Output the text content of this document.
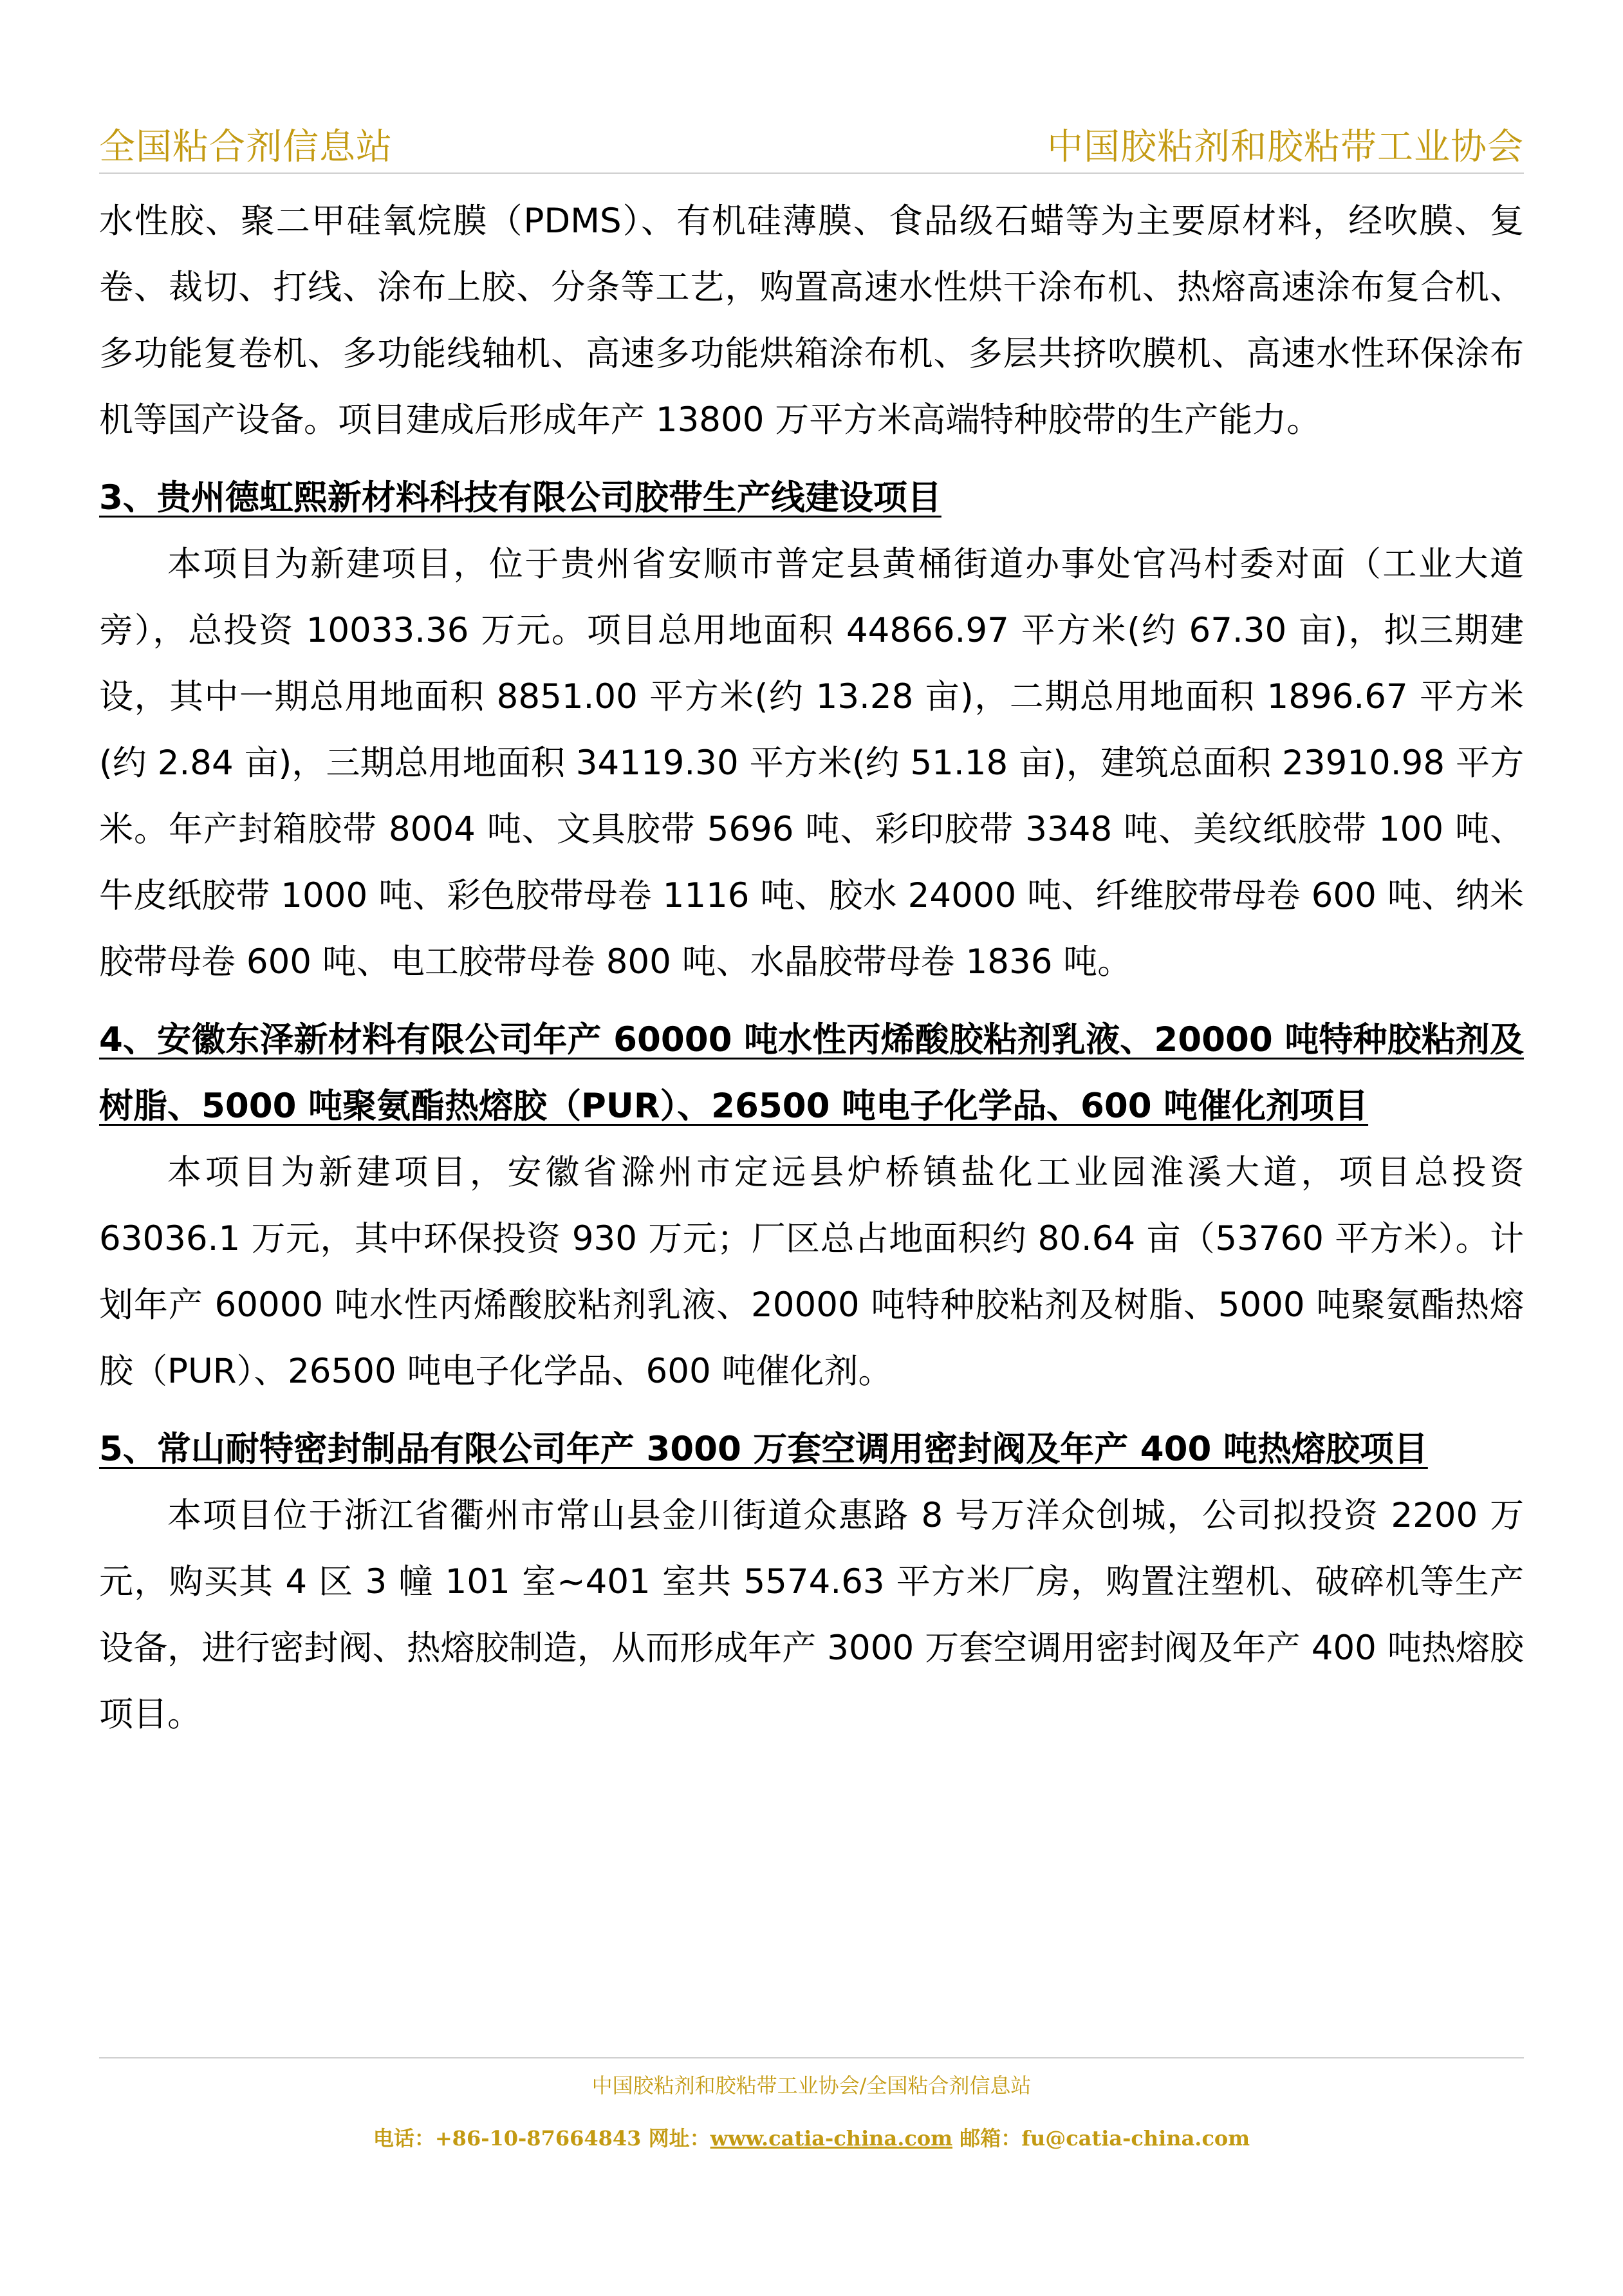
全国粘合剂信息站	中国胶粘剂和胶粘带工业协会

水性胶、聚二甲硅氧烷膜（PDMS）、有机硅薄膜、食品级石蜡等为主要原材料，经吹膜、复卷、裁切、打线、涂布上胶、分条等工艺，购置高速水性烘干涂布机、热熔高速涂布复合机、多功能复卷机、多功能线轴机、高速多功能烘箱涂布机、多层共挤吹膜机、高速水性环保涂布机等国产设备。项目建成后形成年产 13800 万平方米高端特种胶带的生产能力。

3、贵州德虹熙新材料科技有限公司胶带生产线建设项目

本项目为新建项目，位于贵州省安顺市普定县黄桶街道办事处官冯村委对面（工业大道旁），总投资 10033.36 万元。项目总用地面积 44866.97 平方米(约 67.30 亩)，拟三期建设，其中一期总用地面积 8851.00 平方米(约 13.28 亩)，二期总用地面积 1896.67 平方米(约 2.84 亩)，三期总用地面积 34119.30 平方米(约 51.18 亩)，建筑总面积 23910.98 平方米。年产封箱胶带 8004 吨、文具胶带 5696 吨、彩印胶带 3348 吨、美纹纸胶带 100 吨、牛皮纸胶带 1000 吨、彩色胶带母卷 1116 吨、胶水 24000 吨、纤维胶带母卷 600 吨、纳米胶带母卷 600 吨、电工胶带母卷 800 吨、水晶胶带母卷 1836 吨。

4、安徽东泽新材料有限公司年产 60000 吨水性丙烯酸胶粘剂乳液、20000 吨特种胶粘剂及树脂、5000 吨聚氨酯热熔胶（PUR）、26500 吨电子化学品、600 吨催化剂项目

本项目为新建项目，安徽省滁州市定远县炉桥镇盐化工业园淮溪大道，项目总投资 63036.1 万元，其中环保投资 930 万元；厂区总占地面积约 80.64 亩（53760 平方米）。计划年产 60000 吨水性丙烯酸胶粘剂乳液、20000 吨特种胶粘剂及树脂、5000 吨聚氨酯热熔胶（PUR）、26500 吨电子化学品、600 吨催化剂。

5、常山耐特密封制品有限公司年产 3000 万套空调用密封阀及年产 400 吨热熔胶项目

本项目位于浙江省衢州市常山县金川街道众惠路 8 号万洋众创城，公司拟投资 2200 万元，购买其 4 区 3 幢 101 室~401 室共 5574.63 平方米厂房，购置注塑机、破碎机等生产设备，进行密封阀、热熔胶制造，从而形成年产 3000 万套空调用密封阀及年产 400 吨热熔胶项目。

中国胶粘剂和胶粘带工业协会/全国粘合剂信息站
电话：+86-10-87664843 网址：www.catia-china.com 邮箱：fu@catia-china.com
